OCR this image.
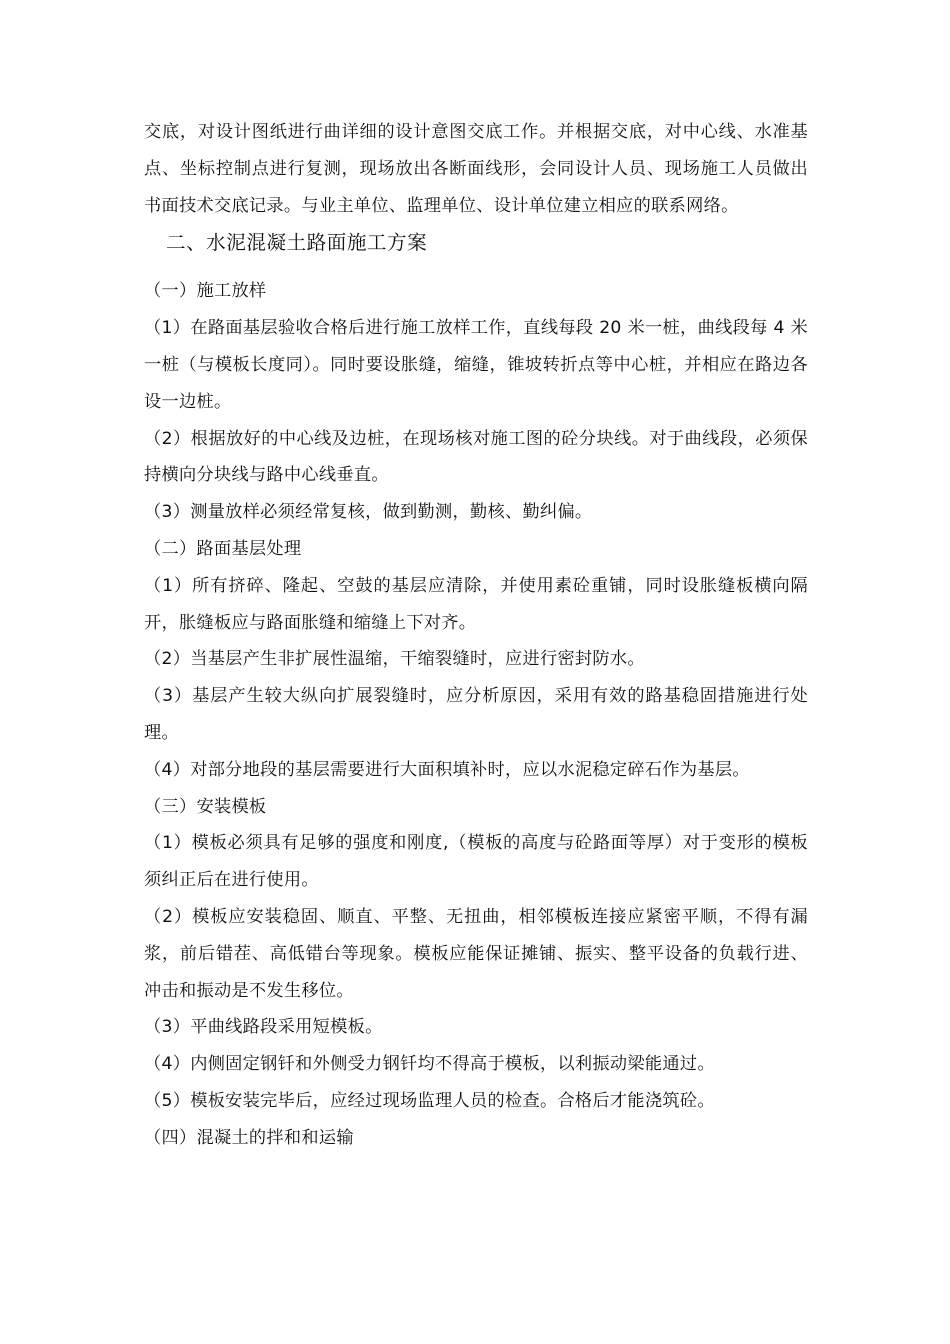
交底，对设计图纸进行曲详细的设计意图交底工作。并根据交底，对中心线、水准基点、坐标控制点进行复测，现场放出各断面线形，会同设计人员、现场施工人员做出书面技术交底记录。与业主单位、监理单位、设计单位建立相应的联系网络。

二、水泥混凝土路面施工方案

（一）施工放样

（1）在路面基层验收合格后进行施工放样工作，直线每段 20 米一桩，曲线段每 4 米一桩（与模板长度同）。同时要设胀缝，缩缝，锥坡转折点等中心桩，并相应在路边各设一边桩。

（2）根据放好的中心线及边桩，在现场核对施工图的砼分块线。对于曲线段，必须保持横向分块线与路中心线垂直。

（3）测量放样必须经常复核，做到勤测，勤核、勤纠偏。

（二）路面基层处理

（1）所有挤碎、隆起、空鼓的基层应清除，并使用素砼重铺，同时设胀缝板横向隔开，胀缝板应与路面胀缝和缩缝上下对齐。

（2）当基层产生非扩展性温缩，干缩裂缝时，应进行密封防水。

（3）基层产生较大纵向扩展裂缝时，应分析原因，采用有效的路基稳固措施进行处理。

（4）对部分地段的基层需要进行大面积填补时，应以水泥稳定碎石作为基层。

（三）安装模板

（1）模板必须具有足够的强度和刚度,（模板的高度与砼路面等厚）对于变形的模板须纠正后在进行使用。

（2）模板应安装稳固、顺直、平整、无扭曲，相邻模板连接应紧密平顺，不得有漏浆，前后错茬、高低错台等现象。模板应能保证摊铺、振实、整平设备的负载行进、冲击和振动是不发生移位。

（3）平曲线路段采用短模板。

（4）内侧固定钢钎和外侧受力钢钎均不得高于模板，以利振动梁能通过。

（5）模板安装完毕后，应经过现场监理人员的检查。合格后才能浇筑砼。

（四）混凝土的拌和和运输
